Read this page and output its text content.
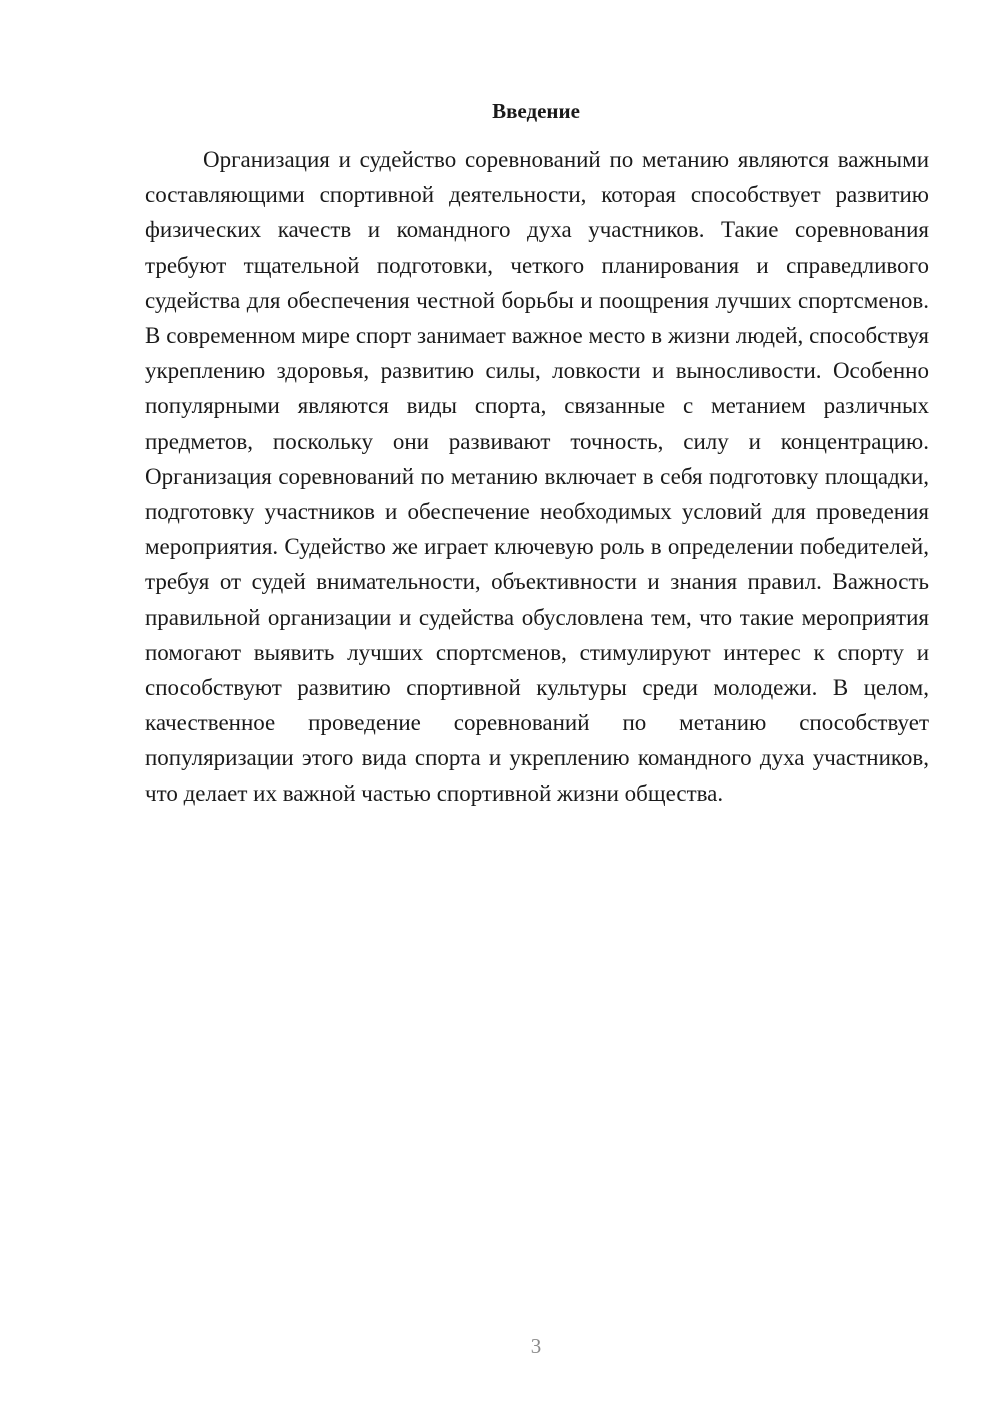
Введение

Организация и судейство соревнований по метанию являются важными составляющими спортивной деятельности, которая способствует развитию физических качеств и командного духа участников. Такие соревнования требуют тщательной подготовки, четкого планирования и справедливого судейства для обеспечения честной борьбы и поощрения лучших спортсменов. В современном мире спорт занимает важное место в жизни людей, способствуя укреплению здоровья, развитию силы, ловкости и выносливости. Особенно популярными являются виды спорта, связанные с метанием различных предметов, поскольку они развивают точность, силу и концентрацию. Организация соревнований по метанию включает в себя подготовку площадки, подготовку участников и обеспечение необходимых условий для проведения мероприятия. Судейство же играет ключевую роль в определении победителей, требуя от судей внимательности, объективности и знания правил. Важность правильной организации и судейства обусловлена тем, что такие мероприятия помогают выявить лучших спортсменов, стимулируют интерес к спорту и способствуют развитию спортивной культуры среди молодежи. В целом, качественное проведение соревнований по метанию способствует популяризации этого вида спорта и укреплению командного духа участников, что делает их важной частью спортивной жизни общества.

3
